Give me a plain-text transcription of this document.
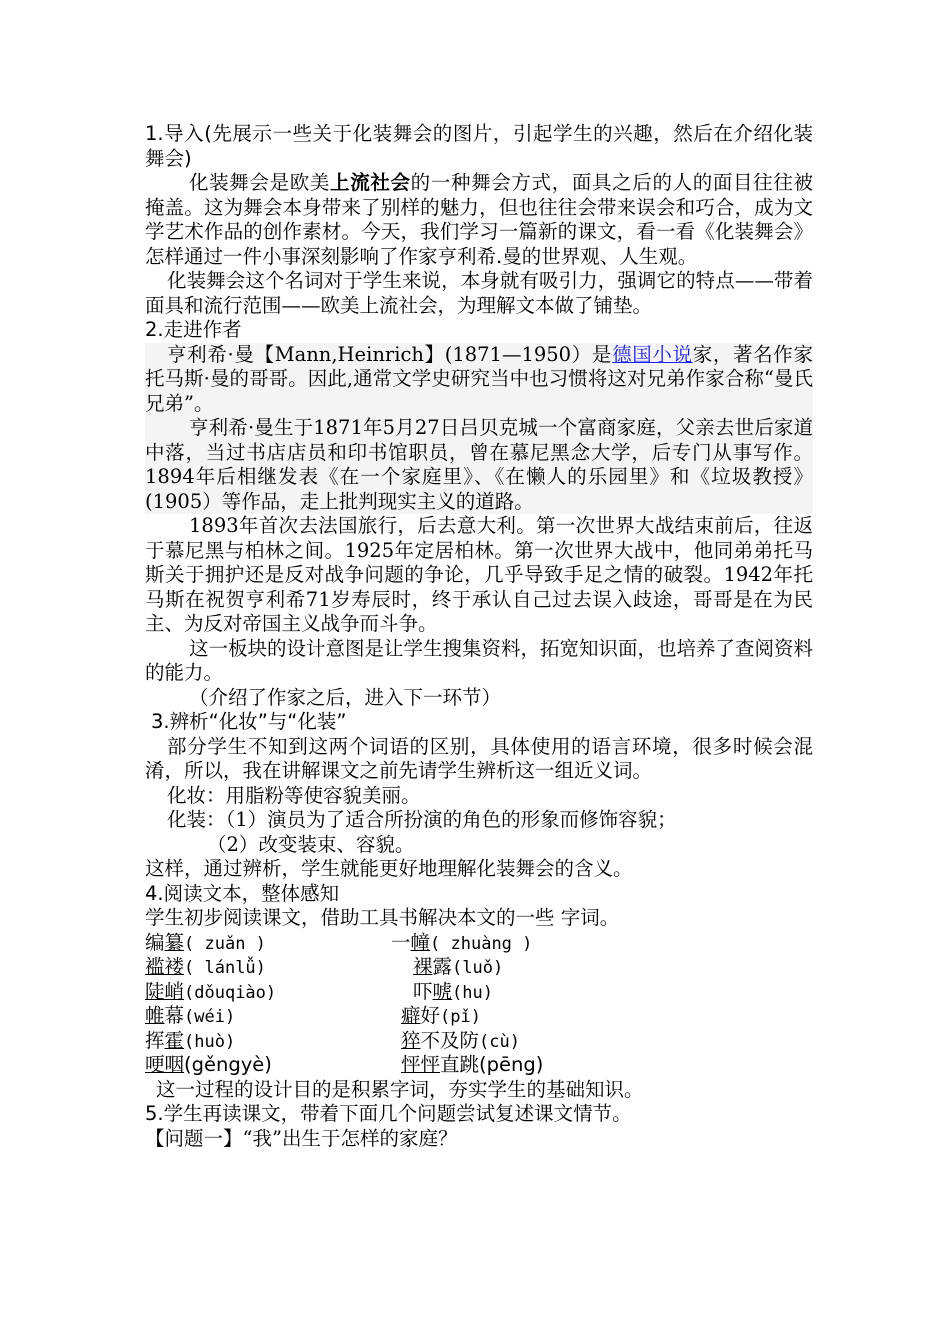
1.导入(先展示一些关于化装舞会的图片，引起学生的兴趣，然后在介绍化装舞会)

化装舞会是欧美上流社会的一种舞会方式，面具之后的人的面目往往被掩盖。这为舞会本身带来了别样的魅力，但也往往会带来误会和巧合，成为文学艺术作品的创作素材。今天，我们学习一篇新的课文，看一看《化装舞会》怎样通过一件小事深刻影响了作家亨利希.曼的世界观、人生观。

化装舞会这个名词对于学生来说，本身就有吸引力，强调它的特点——带着面具和流行范围——欧美上流社会，为理解文本做了铺垫。

2.走进作者

亨利希·曼【Mann,Heinrich】(1871—1950）是德国小说家，著名作家托马斯·曼的哥哥。因此,通常文学史研究当中也习惯将这对兄弟作家合称“曼氏兄弟”。

亨利希·曼生于1871年5月27日吕贝克城一个富商家庭，父亲去世后家道中落，当过书店店员和印书馆职员，曾在慕尼黑念大学，后专门从事写作。1894年后相继发表《在一个家庭里》、《在懒人的乐园里》和《垃圾教授》(1905）等作品，走上批判现实主义的道路。

1893年首次去法国旅行，后去意大利。第一次世界大战结束前后，往返于慕尼黑与柏林之间。1925年定居柏林。第一次世界大战中，他同弟弟托马斯关于拥护还是反对战争问题的争论，几乎导致手足之情的破裂。1942年托马斯在祝贺亨利希71岁寿辰时，终于承认自己过去误入歧途，哥哥是在为民主、为反对帝国主义战争而斗争。

这一板块的设计意图是让学生搜集资料，拓宽知识面，也培养了查阅资料的能力。

（介绍了作家之后，进入下一环节）

3.辨析“化妆”与“化装”

部分学生不知到这两个词语的区别，具体使用的语言环境，很多时候会混淆，所以，我在讲解课文之前先请学生辨析这一组近义词。

化妆：用脂粉等使容貌美丽。

化装：（1）演员为了适合所扮演的角色的形象而修饰容貌；

（2）改变装束、容貌。

这样，通过辨析，学生就能更好地理解化装舞会的含义。

4.阅读文本，整体感知

学生初步阅读课文，借助工具书解决本文的一些 字词。

编纂( zuǎn )	一幢( zhuàng )
褴褛( lánlǚ)	裸露(luǒ)
陡峭(dǒuqiào)	吓唬(hu)
帷幕(wéi)	癖好(pǐ)
挥霍(huò)	猝不及防(cù)
哽咽(gěngyè)	怦怦直跳(pēng)

这一过程的设计目的是积累字词，夯实学生的基础知识。

5.学生再读课文，带着下面几个问题尝试复述课文情节。

【问题一】“我”出生于怎样的家庭？
